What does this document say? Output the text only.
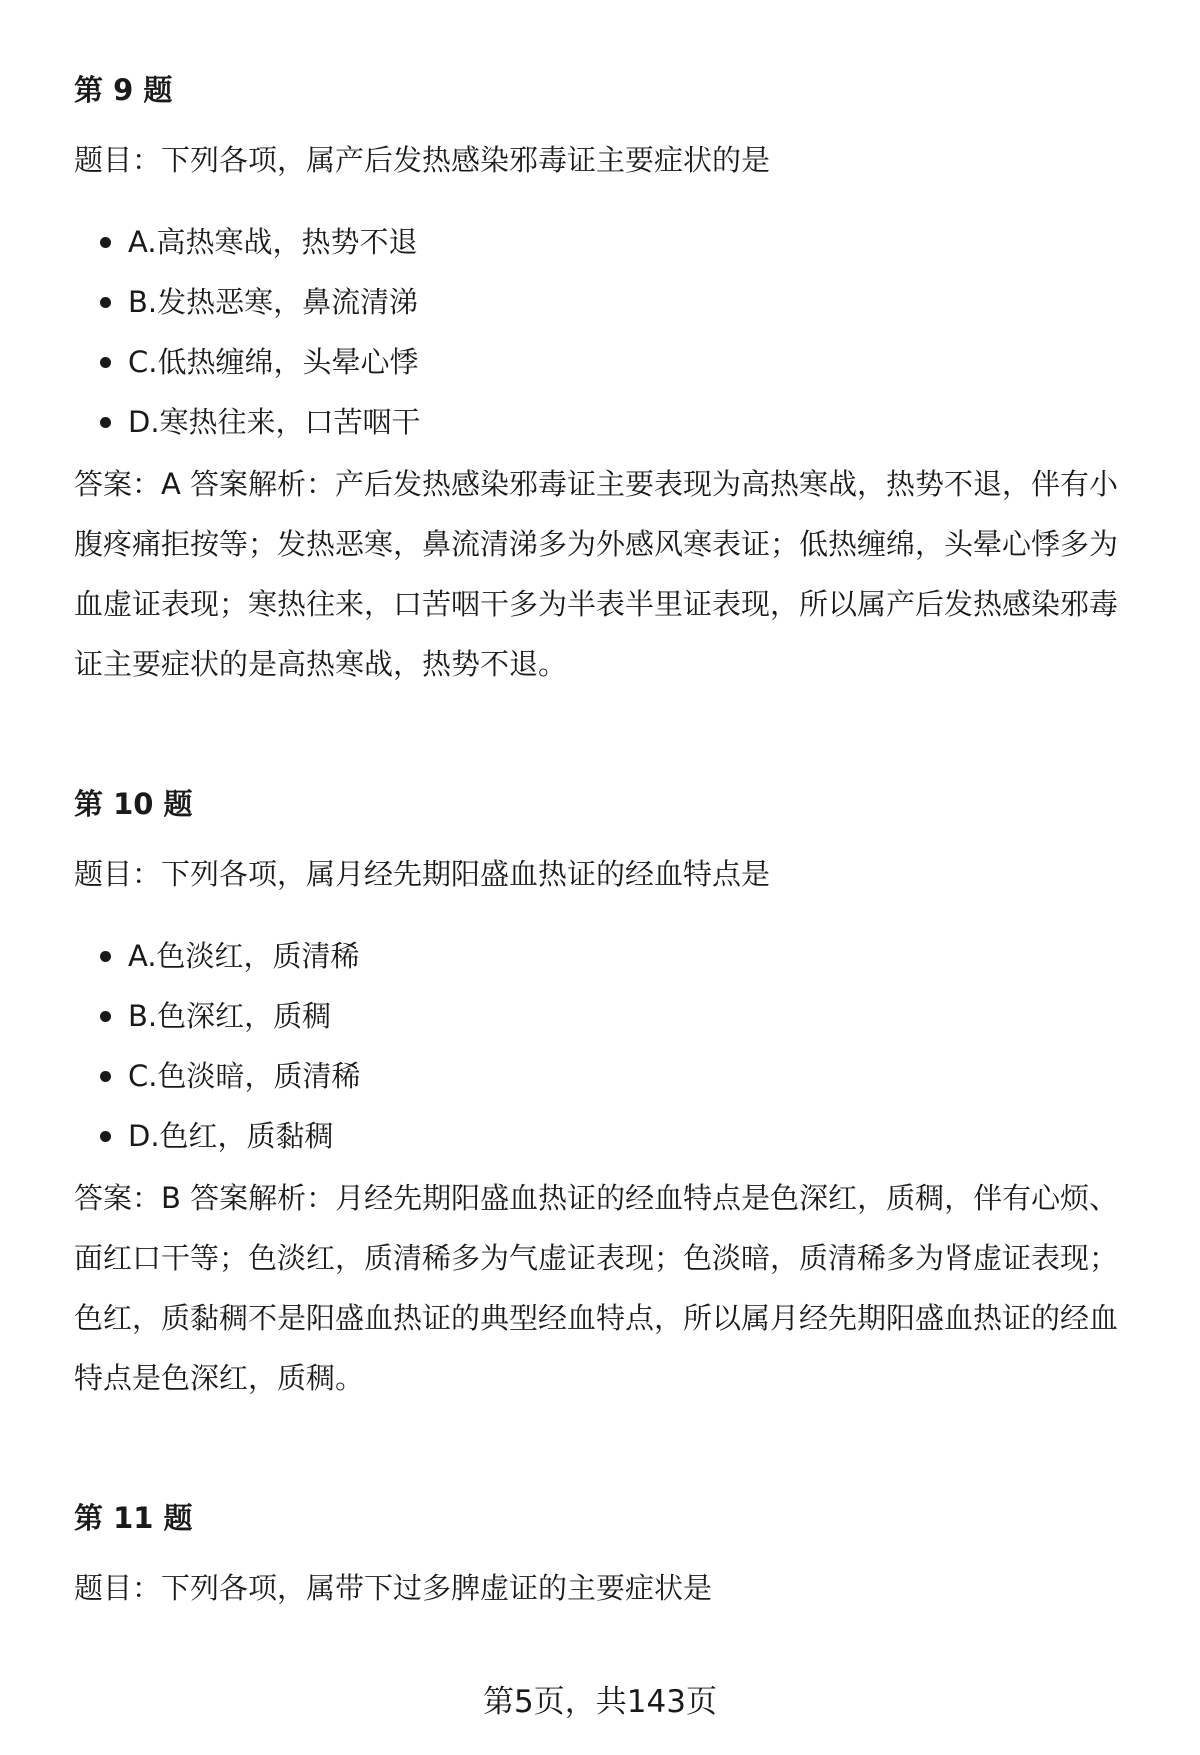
第 9 题

题目：下列各项，属产后发热感染邪毒证主要症状的是

A.高热寒战，热势不退
B.发热恶寒，鼻流清涕
C.低热缠绵，头晕心悸
D.寒热往来，口苦咽干

答案：A 答案解析：产后发热感染邪毒证主要表现为高热寒战，热势不退，伴有小
腹疼痛拒按等；发热恶寒，鼻流清涕多为外感风寒表证；低热缠绵，头晕心悸多为
血虚证表现；寒热往来，口苦咽干多为半表半里证表现，所以属产后发热感染邪毒
证主要症状的是高热寒战，热势不退。

第 10 题

题目：下列各项，属月经先期阳盛血热证的经血特点是

A.色淡红，质清稀
B.色深红，质稠
C.色淡暗，质清稀
D.色红，质黏稠

答案：B 答案解析：月经先期阳盛血热证的经血特点是色深红，质稠，伴有心烦、
面红口干等；色淡红，质清稀多为气虚证表现；色淡暗，质清稀多为肾虚证表现；
色红，质黏稠不是阳盛血热证的典型经血特点，所以属月经先期阳盛血热证的经血
特点是色深红，质稠。

第 11 题

题目：下列各项，属带下过多脾虚证的主要症状是

第5页，共143页
